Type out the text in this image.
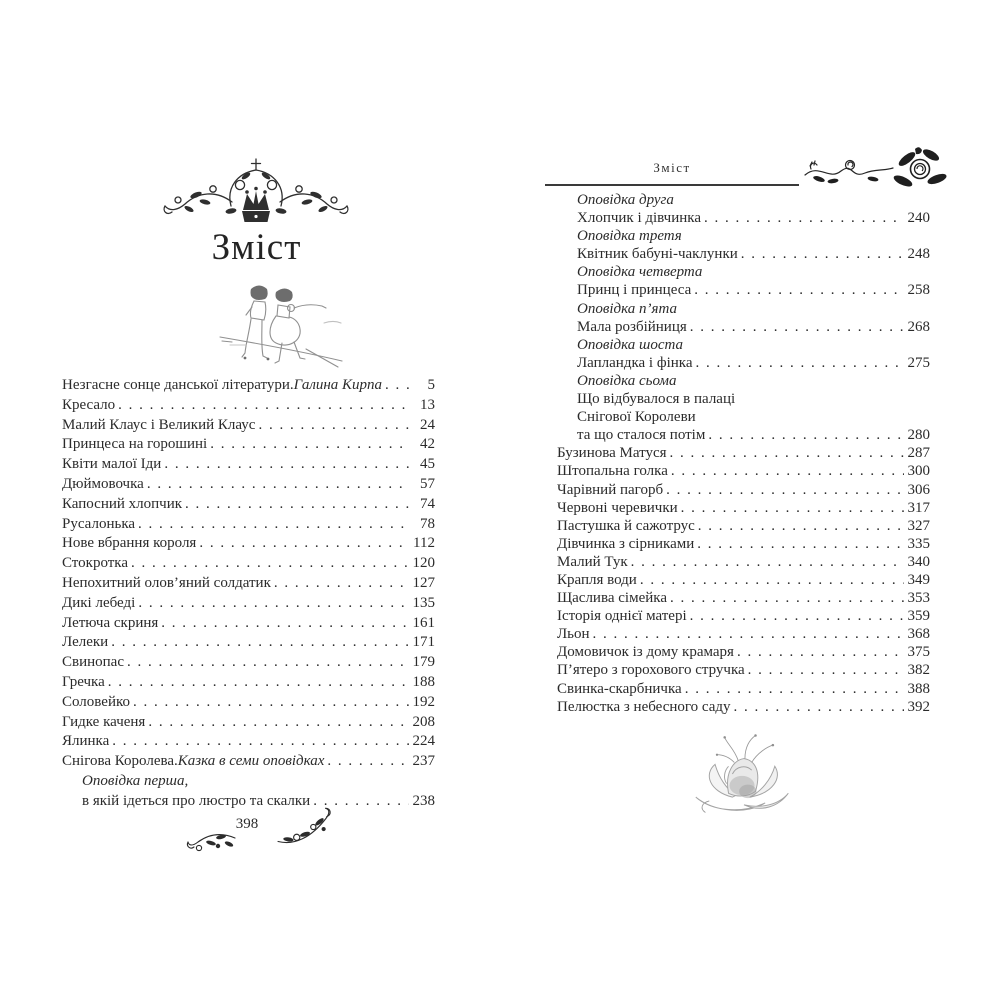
Зміст
Незгасне сонце данської літератури. Галина Кирпа . . .	5
Кресало . . .	13
Малий Клаус і Великий Клаус . . .	24
Принцеса на горошині . . .	42
Квіти малої Іди . . .	45
Дюймовочка . . .	57
Капосний хлопчик . . .	74
Русалонька . . .	78
Нове вбрання короля . . .	112
Стокротка . . .	120
Непохитний олов’яний солдатик . . .	127
Дикі лебеді . . .	135
Летюча скриня . . .	161
Лелеки . . .	171
Свинопас . . .	179
Гречка . . .	188
Соловейко . . .	192
Гидке каченя . . .	208
Ялинка . . .	224
Снігова Королева. Казка в семи оповідках . . .	237
Оповідка перша,
в якій ідеться про люстро та скалки . . .	238
398
Зміст
Оповідка друга
Хлопчик і дівчинка . . .	240
Оповідка третя
Квітник бабуні-чаклунки . . .	248
Оповідка четверта
Принц і принцеса . . .	258
Оповідка п’ята
Мала розбійниця . . .	268
Оповідка шоста
Лапландка і фінка . . .	275
Оповідка сьома
Що відбувалося в палаці
Снігової Королеви
та що сталося потім . . .	280
Бузинова Матуся . . .	287
Штопальна голка . . .	300
Чарівний пагорб . . .	306
Червоні черевички . . .	317
Пастушка й сажотрус . . .	327
Дівчинка з сірниками . . .	335
Малий Тук . . .	340
Крапля води . . .	349
Щаслива сімейка . . .	353
Історія однієї матері . . .	359
Льон . . .	368
Домовичок із дому крамаря . . .	375
П’ятеро з горохового стручка . . .	382
Свинка-скарбничка . . .	388
Пелюстка з небесного саду . . .	392
